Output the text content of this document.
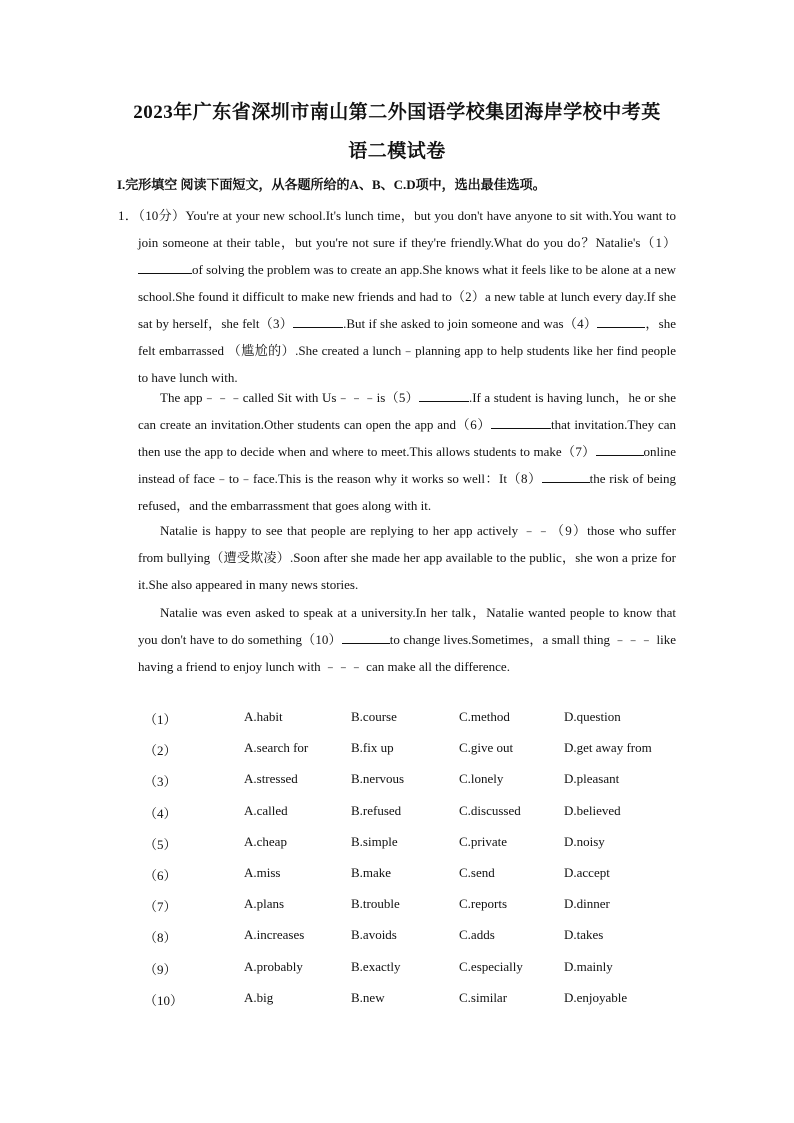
2023年广东省深圳市南山第二外国语学校集团海岸学校中考英
语二模试卷
I.完形填空 阅读下面短文，从各题所给的A、B、C.D项中，选出最佳选项。
1．（10分）You're at your new school.It's lunch time，but you don't have anyone to sit with.You want to join someone at their table，but you're not sure if they're friendly.What do you do？Natalie's（1）of solving the problem was to create an app.She knows what it feels like to be alone at a new school.She found it difficult to make new friends and had to（2）a new table at lunch every day.If she sat by herself，she felt（3）	.But if she asked to join someone and was（4）	，she felt embarrassed （尴尬的）.She created a lunch﹣planning app to help students like her find people to have lunch with.
The app﹣﹣﹣called Sit with Us﹣﹣﹣is（5）	.If a student is having lunch，he or she can create an invitation.Other students can open the app and（6）	that invitation.They can then use the app to decide when and where to meet.This allows students to make（7）	online instead of face﹣to﹣face.This is the reason why it works so well：It（8）	the risk of being refused，and the embarrassment that goes along with it.
Natalie is happy to see that people are replying to her app actively ﹣﹣（9）those who suffer from bullying（遭受欺凌）.Soon after she made her app available to the public，she won a prize for it.She also appeared in many news stories.
Natalie was even asked to speak at a university.In her talk，Natalie wanted people to know that you don't have to do something（10）	to change lives.Sometimes，a small thing ﹣﹣﹣ like having a friend to enjoy lunch with ﹣﹣﹣ can make all the difference.
（1）	A.habit	B.course	C.method	D.question
（2）	A.search for	B.fix up	C.give out	D.get away from
（3）	A.stressed	B.nervous	C.lonely	D.pleasant
（4）	A.called	B.refused	C.discussed	D.believed
（5）	A.cheap	B.simple	C.private	D.noisy
（6）	A.miss	B.make	C.send	D.accept
（7）	A.plans	B.trouble	C.reports	D.dinner
（8）	A.increases	B.avoids	C.adds	D.takes
（9）	A.probably	B.exactly	C.especially	D.mainly
（10）	A.big	B.new	C.similar	D.enjoyable
